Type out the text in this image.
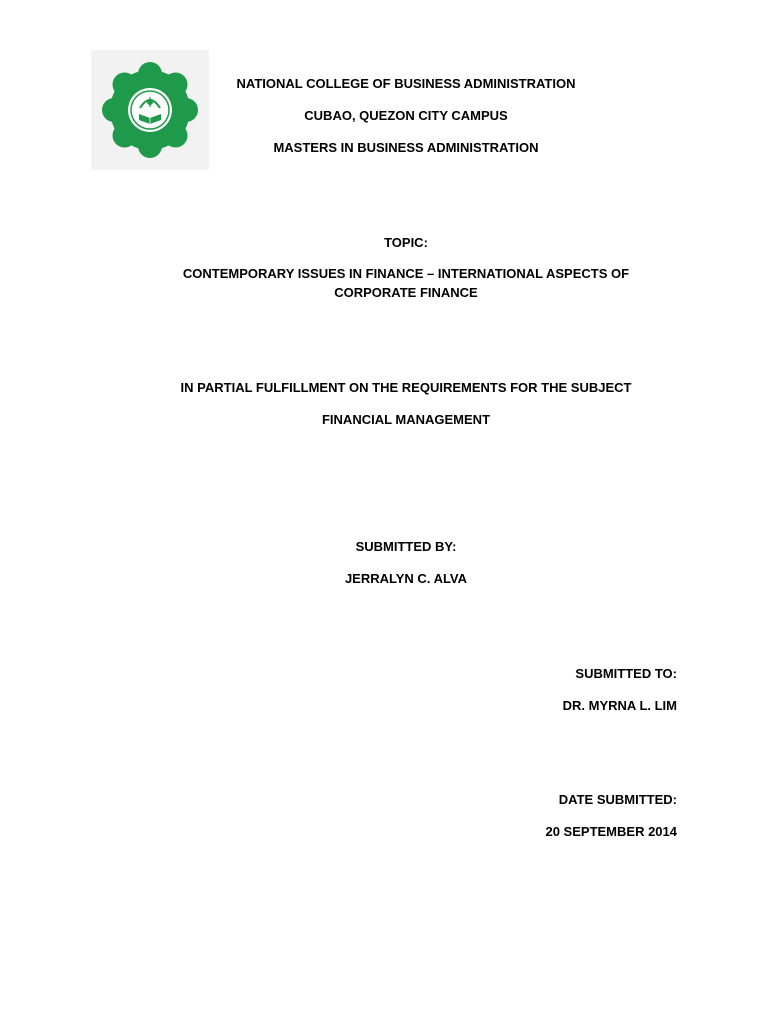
NATIONAL COLLEGE OF BUSINESS ADMINISTRATION
CUBAO, QUEZON CITY CAMPUS
MASTERS IN BUSINESS ADMINISTRATION
TOPIC:
CONTEMPORARY ISSUES IN FINANCE – INTERNATIONAL ASPECTS OF
CORPORATE FINANCE
IN PARTIAL FULFILLMENT ON THE REQUIREMENTS FOR THE SUBJECT
FINANCIAL MANAGEMENT
SUBMITTED BY:
JERRALYN C. ALVA
SUBMITTED TO:
DR. MYRNA L. LIM
DATE SUBMITTED:
20 SEPTEMBER 2014
